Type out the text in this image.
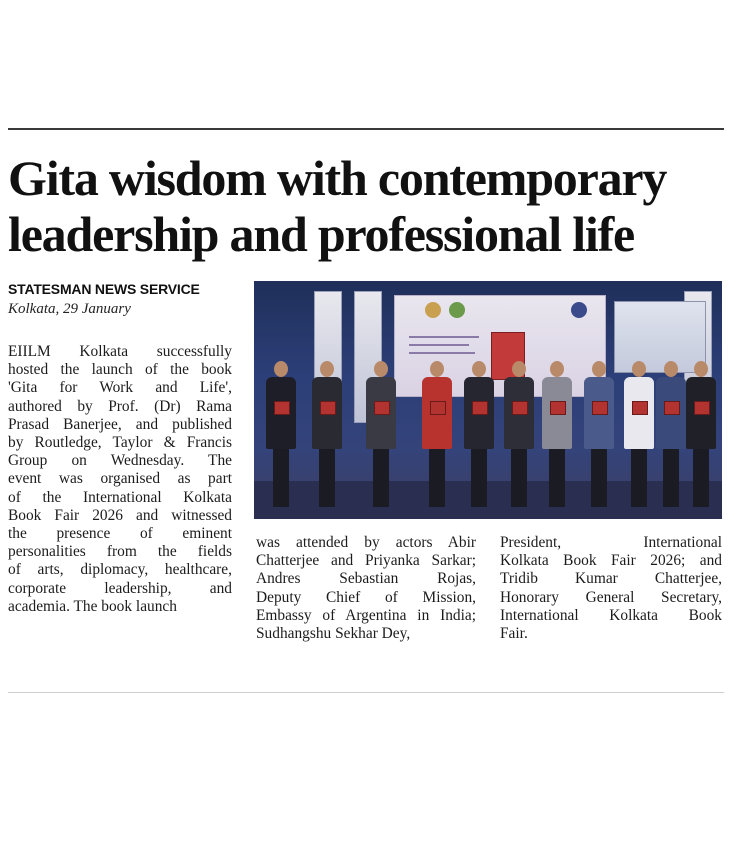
Gita wisdom with contemporary
leadership and professional life
STATESMAN NEWS SERVICE
Kolkata, 29 January
EIILM Kolkata successfully
hosted the launch of the book
'Gita for Work and Life',
authored by Prof. (Dr) Rama
Prasad Banerjee, and published
by Routledge, Taylor & Francis
Group on Wednesday. The
event was organised as part
of the International Kolkata
Book Fair 2026 and witnessed
the presence of eminent
personalities from the fields
of arts, diplomacy, healthcare,
corporate leadership, and
academia. The book launch
was attended by actors Abir
Chatterjee and Priyanka Sarkar;
Andres Sebastian Rojas,
Deputy Chief of Mission,
Embassy of Argentina in India;
Sudhangshu Sekhar Dey,
President, International
Kolkata Book Fair 2026; and
Tridib Kumar Chatterjee,
Honorary General Secretary,
International Kolkata Book
Fair.
